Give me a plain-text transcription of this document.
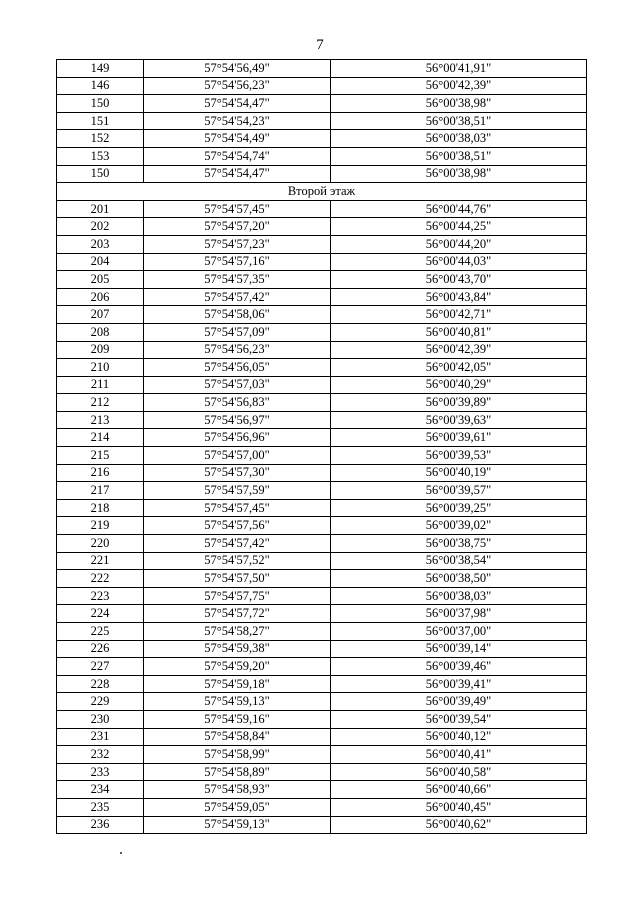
7
149	57°54'56,49"	56°00'41,91"
146	57°54'56,23"	56°00'42,39"
150	57°54'54,47"	56°00'38,98"
151	57°54'54,23"	56°00'38,51"
152	57°54'54,49"	56°00'38,03"
153	57°54'54,74"	56°00'38,51"
150	57°54'54,47"	56°00'38,98"
Второй этаж		
201	57°54'57,45"	56°00'44,76"
202	57°54'57,20"	56°00'44,25"
203	57°54'57,23"	56°00'44,20"
204	57°54'57,16"	56°00'44,03"
205	57°54'57,35"	56°00'43,70"
206	57°54'57,42"	56°00'43,84"
207	57°54'58,06"	56°00'42,71"
208	57°54'57,09"	56°00'40,81"
209	57°54'56,23"	56°00'42,39"
210	57°54'56,05"	56°00'42,05"
211	57°54'57,03"	56°00'40,29"
212	57°54'56,83"	56°00'39,89"
213	57°54'56,97"	56°00'39,63"
214	57°54'56,96"	56°00'39,61"
215	57°54'57,00"	56°00'39,53"
216	57°54'57,30"	56°00'40,19"
217	57°54'57,59"	56°00'39,57"
218	57°54'57,45"	56°00'39,25"
219	57°54'57,56"	56°00'39,02"
220	57°54'57,42"	56°00'38,75"
221	57°54'57,52"	56°00'38,54"
222	57°54'57,50"	56°00'38,50"
223	57°54'57,75"	56°00'38,03"
224	57°54'57,72"	56°00'37,98"
225	57°54'58,27"	56°00'37,00"
226	57°54'59,38"	56°00'39,14"
227	57°54'59,20"	56°00'39,46"
228	57°54'59,18"	56°00'39,41"
229	57°54'59,13"	56°00'39,49"
230	57°54'59,16"	56°00'39,54"
231	57°54'58,84"	56°00'40,12"
232	57°54'58,99"	56°00'40,41"
233	57°54'58,89"	56°00'40,58"
234	57°54'58,93"	56°00'40,66"
235	57°54'59,05"	56°00'40,45"
236	57°54'59,13"	56°00'40,62"
